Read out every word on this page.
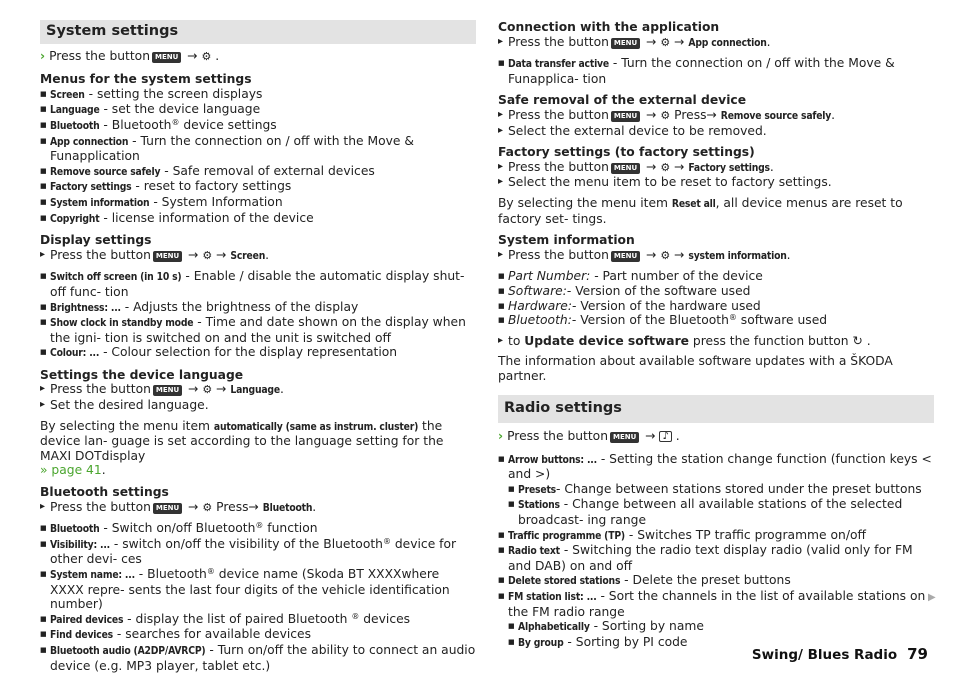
System settings
› Press the button MENU → ⚙ .
Menus for the system settings
■ Screen - setting the screen displays
■ Language - set the device language
■ Bluetooth - Bluetooth® device settings
■ App connection - Turn the connection on / off with the Move & Funapplication
■ Remove source safely - Safe removal of external devices
■ Factory settings - reset to factory settings
■ System information - System Information
■ Copyright - license information of the device
Display settings
▸ Press the button MENU → ⚙ → Screen.
■ Switch off screen (in 10 s) - Enable / disable the automatic display shut-off func- tion
■ Brightness: ... - Adjusts the brightness of the display
■ Show clock in standby mode - Time and date shown on the display when the igni- tion is switched on and the unit is switched off
■ Colour: ... - Colour selection for the display representation
Settings the device language
▸ Press the button MENU → ⚙ → Language.
▸ Set the desired language.
By selecting the menu item automatically (same as instrum. cluster) the device lan- guage is set according to the language setting for the MAXI DOTdisplay
» page 41.
Bluetooth settings
▸ Press the button MENU → ⚙ Press→ Bluetooth.
■ Bluetooth - Switch on/off Bluetooth® function
■ Visibility: ... - switch on/off the visibility of the Bluetooth® device for other devi- ces
■ System name: ... - Bluetooth® device name (Skoda BT XXXXwhere XXXX repre- sents the last four digits of the vehicle identification number)
■ Paired devices - display the list of paired Bluetooth ® devices
■ Find devices - searches for available devices
■ Bluetooth audio (A2DP/AVRCP) - Turn on/off the ability to connect an audio device (e.g. MP3 player, tablet etc.)
Connection with the application
▸ Press the button MENU → ⚙ → App connection.
■ Data transfer active - Turn the connection on / off with the Move & Funapplica- tion
Safe removal of the external device
▸ Press the button MENU → ⚙ Press→ Remove source safely.
▸ Select the external device to be removed.
Factory settings (to factory settings)
▸ Press the button MENU → ⚙ → Factory settings.
▸ Select the menu item to be reset to factory settings.
By selecting the menu item Reset all, all device menus are reset to factory set- tings.
System information
▸ Press the button MENU → ⚙ → system information.
■ Part Number: - Part number of the device
■ Software:- Version of the software used
■ Hardware:- Version of the hardware used
■ Bluetooth:- Version of the Bluetooth® software used
▸ to Update device software press the function button ↻ .
The information about available software updates with a ŠKODA partner.
Radio settings
› Press the button MENU → ♪ .
■ Arrow buttons: ... - Setting the station change function (function keys < and >)
■ Presets- Change between stations stored under the preset buttons
■ Stations - Change between all available stations of the selected broadcast- ing range
■ Traffic programme (TP) - Switches TP traffic programme on/off
■ Radio text - Switching the radio text display radio (valid only for FM and DAB) on and off
■ Delete stored stations - Delete the preset buttons
■ FM station list: ... - Sort the channels in the list of available stations on the FM radio range
■ Alphabetically - Sorting by name
■ By group - Sorting by PI code
▶
Swing/ Blues Radio 79
